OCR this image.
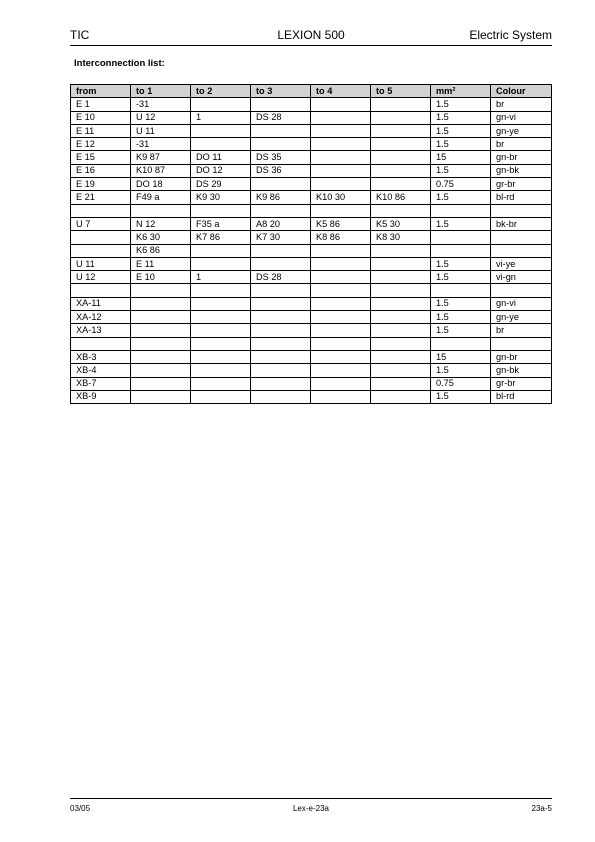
TIC	LEXION 500	Electric System
Interconnection list:
from	to 1	to 2	to 3	to 4	to 5	mm²	Colour
E 1	-31					1.5	br
E 10	U 12	1	DS 28			1.5	gn-vi
E 11	U 11					1.5	gn-ye
E 12	-31					1.5	br
E 15	K9 87	DO 11	DS 35			15	gn-br
E 16	K10 87	DO 12	DS 36			1.5	gn-bk
E 19	DO 18	DS 29				0.75	gr-br
E 21	F49 a	K9 30	K9 86	K10 30	K10 86	1.5	bl-rd

U 7	N 12	F35 a	A8 20	K5 86	K5 30	1.5	bk-br
	K6 30	K7 86	K7 30	K8 86	K8 30		
	K6 86						
U 11	E 11					1.5	vi-ye
U 12	E 10	1	DS 28			1.5	vi-gn

XA-11						1.5	gn-vi
XA-12						1.5	gn-ye
XA-13						1.5	br

XB-3						15	gn-br
XB-4						1.5	gn-bk
XB-7						0.75	gr-br
XB-9						1.5	bl-rd
03/05	Lex-e-23a	23a-5
